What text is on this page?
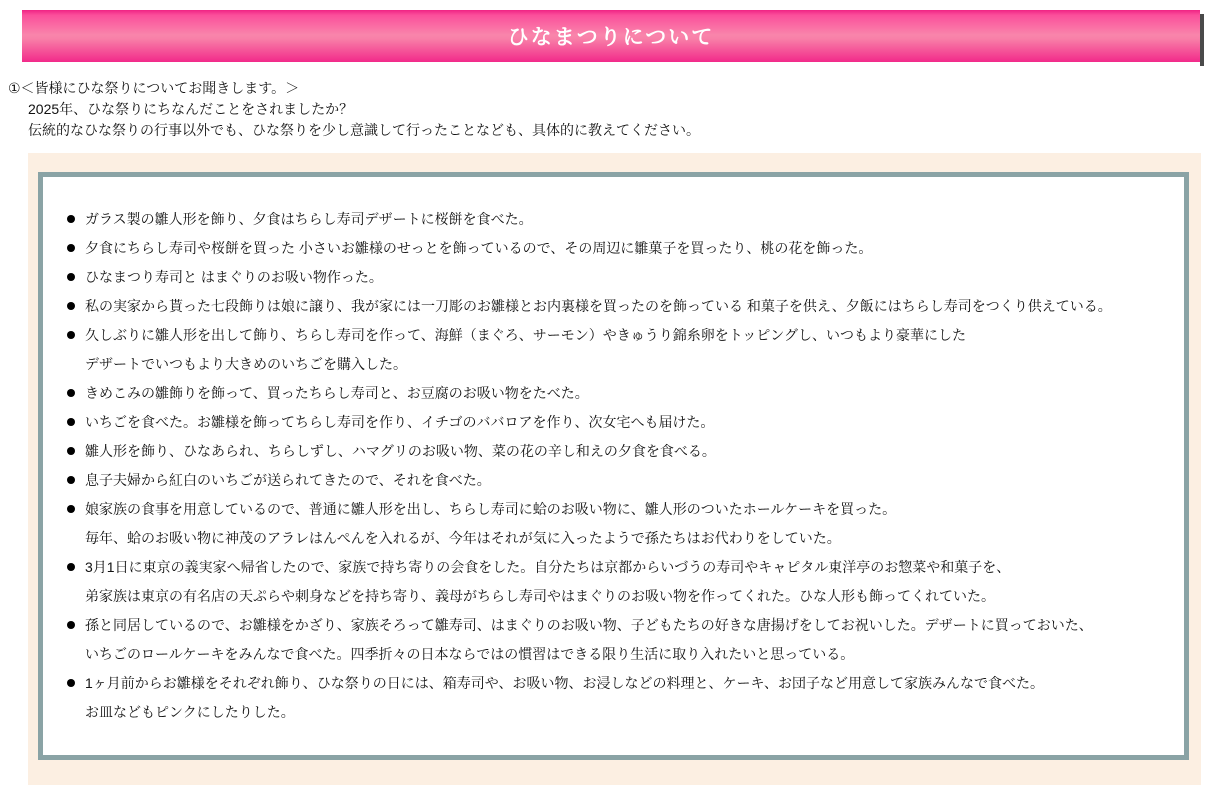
ひなまつりについて
①＜皆様にひな祭りについてお聞きします。＞
2025年、ひな祭りにちなんだことをされましたか？
伝統的なひな祭りの行事以外でも、ひな祭りを少し意識して行ったことなども、具体的に教えてください。
ガラス製の雛人形を飾り、夕食はちらし寿司デザートに桜餅を食べた。
夕食にちらし寿司や桜餅を買った 小さいお雛様のせっとを飾っているので、その周辺に雛菓子を買ったり、桃の花を飾った。
ひなまつり寿司と はまぐりのお吸い物作った。
私の実家から貰った七段飾りは娘に譲り、我が家には一刀彫のお雛様とお内裏様を買ったのを飾っている 和菓子を供え、夕飯にはちらし寿司をつくり供えている。
久しぶりに雛人形を出して飾り、ちらし寿司を作って、海鮮（まぐろ、サーモン）やきゅうり錦糸卵をトッピングし、いつもより豪華にした
デザートでいつもより大きめのいちごを購入した。
きめこみの雛飾りを飾って、買ったちらし寿司と、お豆腐のお吸い物をたべた。
いちごを食べた。お雛様を飾ってちらし寿司を作り、イチゴのババロアを作り、次女宅へも届けた。
雛人形を飾り、ひなあられ、ちらしずし、ハマグリのお吸い物、菜の花の辛し和えの夕食を食べる。
息子夫婦から紅白のいちごが送られてきたので、それを食べた。
娘家族の食事を用意しているので、普通に雛人形を出し、ちらし寿司に蛤のお吸い物に、雛人形のついたホールケーキを買った。
毎年、蛤のお吸い物に神茂のアラレはんぺんを入れるが、今年はそれが気に入ったようで孫たちはお代わりをしていた。
3月1日に東京の義実家へ帰省したので、家族で持ち寄りの会食をした。自分たちは京都からいづうの寿司やキャピタル東洋亭のお惣菜や和菓子を、
弟家族は東京の有名店の天ぷらや刺身などを持ち寄り、義母がちらし寿司やはまぐりのお吸い物を作ってくれた。ひな人形も飾ってくれていた。
孫と同居しているので、お雛様をかざり、家族そろって雛寿司、はまぐりのお吸い物、子どもたちの好きな唐揚げをしてお祝いした。デザートに買っておいた、
いちごのロールケーキをみんなで食べた。四季折々の日本ならではの慣習はできる限り生活に取り入れたいと思っている。
1ヶ月前からお雛様をそれぞれ飾り、ひな祭りの日には、箱寿司や、お吸い物、お浸しなどの料理と、ケーキ、お団子など用意して家族みんなで食べた。
お皿などもピンクにしたりした。
